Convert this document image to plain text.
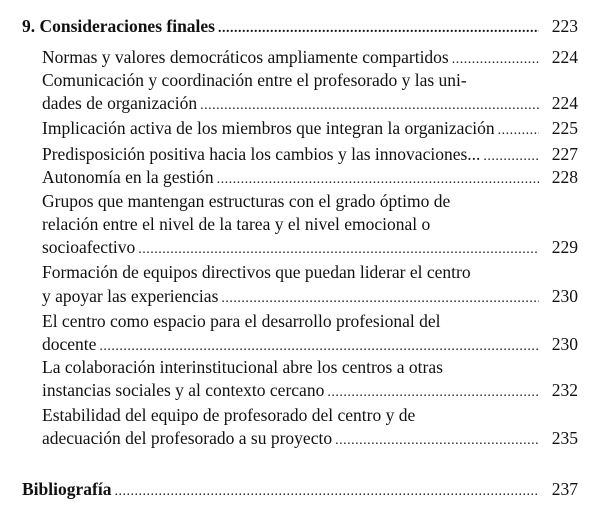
9. Consideraciones finales .....	223
Normas y valores democráticos ampliamente compartidos .....	224
Comunicación y coordinación entre el profesorado y las uni-
dades de organización .....	224
Implicación activa de los miembros que integran la organización .....	225
Predisposición positiva hacia los cambios y las innovaciones... .....	227
Autonomía en la gestión .....	228
Grupos que mantengan estructuras con el grado óptimo de
relación entre el nivel de la tarea y el nivel emocional o
socioafectivo .....	229
Formación de equipos directivos que puedan liderar el centro
y apoyar las experiencias .....	230
El centro como espacio para el desarrollo profesional del
docente .....	230
La colaboración interinstitucional abre los centros a otras
instancias sociales y al contexto cercano .....	232
Estabilidad del equipo de profesorado del centro y de
adecuación del profesorado a su proyecto .....	235
Bibliografía .....	237
